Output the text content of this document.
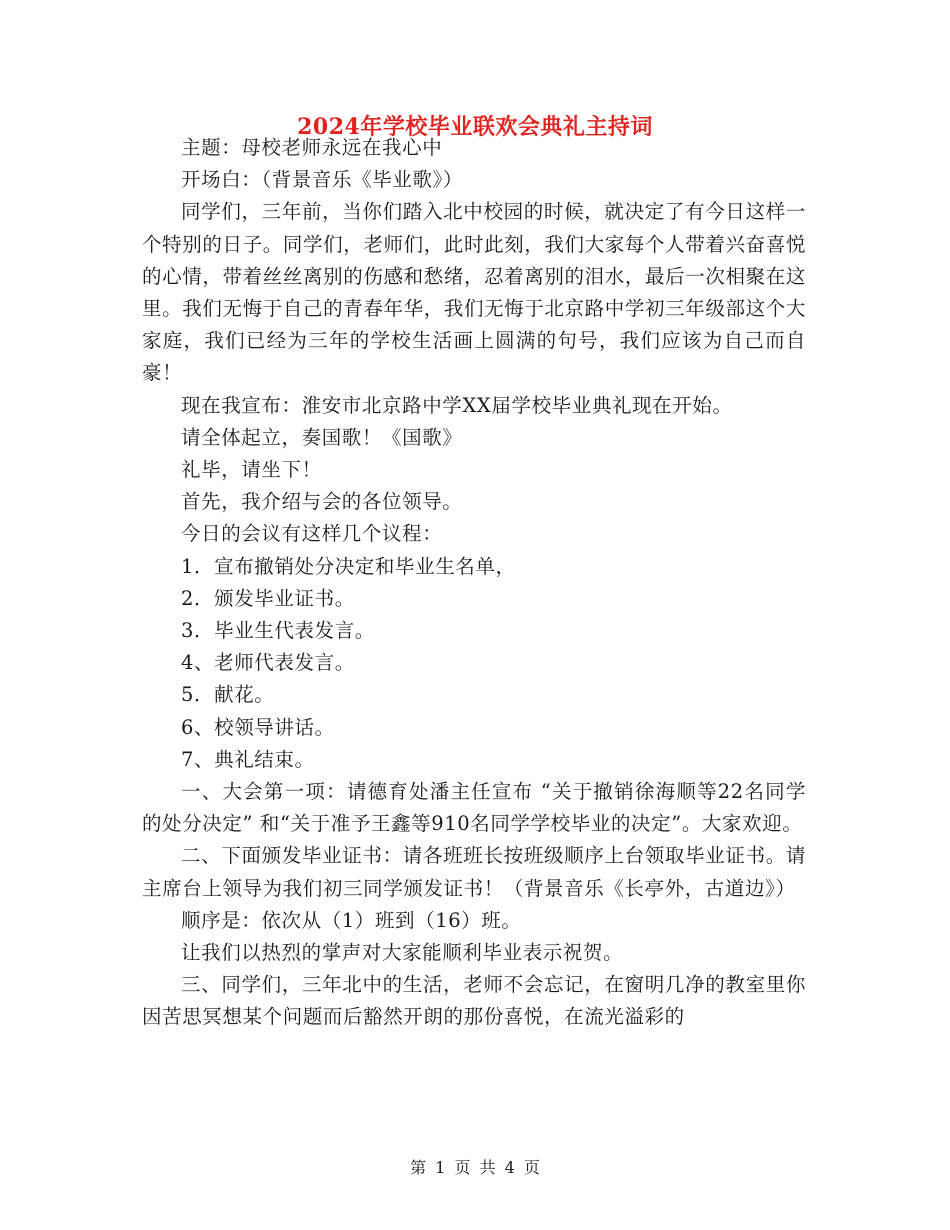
2024年学校毕业联欢会典礼主持词

主题：母校老师永远在我心中

开场白：（背景音乐《毕业歌》）

同学们，三年前，当你们踏入北中校园的时候，就决定了有今日这样一个特别的日子。同学们，老师们，此时此刻，我们大家每个人带着兴奋喜悦的心情，带着丝丝离别的伤感和愁绪，忍着离别的泪水，最后一次相聚在这里。我们无悔于自己的青春年华，我们无悔于北京路中学初三年级部这个大家庭，我们已经为三年的学校生活画上圆满的句号，我们应该为自己而自豪！

现在我宣布：淮安市北京路中学XX届学校毕业典礼现在开始。

请全体起立，奏国歌！《国歌》

礼毕，请坐下！

首先，我介绍与会的各位领导。

今日的会议有这样几个议程：

1．宣布撤销处分决定和毕业生名单，

2．颁发毕业证书。

3．毕业生代表发言。

4、老师代表发言。

5．献花。

6、校领导讲话。

7、典礼结束。

一、大会第一项：请德育处潘主任宣布 “关于撤销徐海顺等22名同学的处分决定” 和“关于准予王鑫等910名同学学校毕业的决定”。大家欢迎。

二、下面颁发毕业证书：请各班班长按班级顺序上台领取毕业证书。请主席台上领导为我们初三同学颁发证书！（背景音乐《长亭外，古道边》）

顺序是：依次从（1）班到（16）班。

让我们以热烈的掌声对大家能顺利毕业表示祝贺。

三、同学们，三年北中的生活，老师不会忘记，在窗明几净的教室里你因苦思冥想某个问题而后豁然开朗的那份喜悦，在流光溢彩的

第 1 页 共 4 页
